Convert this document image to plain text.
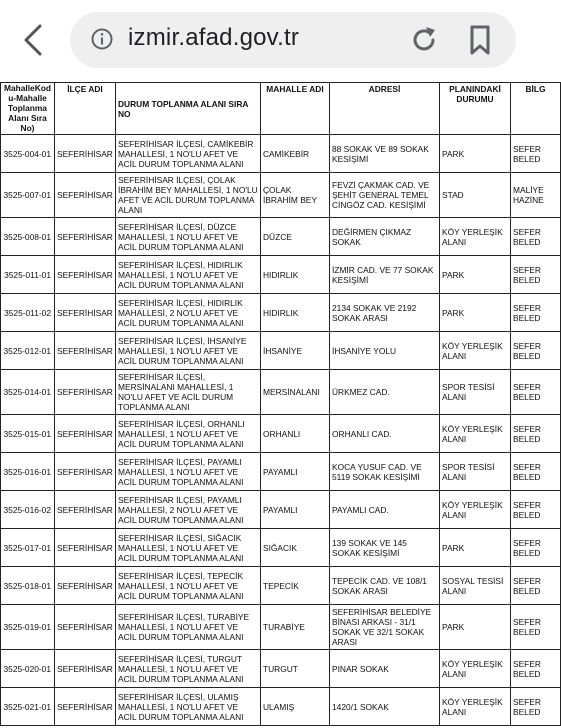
izmir.afad.gov.tr
MahalleKodu-Mahalle Toplanma Alanı Sıra No)	İLÇE ADI	DURUM TOPLANMA ALANI SIRA NO	MAHALLE ADI	ADRESİ	PLANINDAKİ DURUMU	BİLG
3525-004-01	SEFERİHİSAR	SEFERİHİSAR İLÇESİ, CAMİKEBİR MAHALLESİ, 1 NO'LU AFET VE ACİL DURUM TOPLANMA ALANI	CAMİKEBİR	88 SOKAK VE 89 SOKAK KESİŞİMİ	PARK	SEFER BELED
3525-007-01	SEFERİHİSAR	SEFERİHİSAR İLÇESİ, ÇOLAK İBRAHİM BEY MAHALLESİ, 1 NO'LU AFET VE ACİL DURUM TOPLANMA ALANI	ÇOLAK İBRAHİM BEY	FEVZİ ÇAKMAK CAD. VE ŞEHİT GENERAL TEMEL CİNGÖZ CAD. KESİŞİMİ	STAD	MALİYE HAZİNE
3525-008-01	SEFERİHİSAR	SEFERİHİSAR İLÇESİ, DÜZCE MAHALLESİ, 1 NO'LU AFET VE ACİL DURUM TOPLANMA ALANI	DÜZCE	DEĞİRMEN ÇIKMAZ SOKAK	KÖY YERLEŞİK ALANI	SEFER BELED
3525-011-01	SEFERİHİSAR	SEFERİHİSAR İLÇESİ, HIDIRLIK MAHALLESİ, 1 NO'LU AFET VE ACİL DURUM TOPLANMA ALANI	HIDIRLIK	İZMİR CAD. VE 77 SOKAK KESİŞİMİ	PARK	SEFER BELED
3525-011-02	SEFERİHİSAR	SEFERİHİSAR İLÇESİ, HIDIRLIK MAHALLESİ, 2 NO'LU AFET VE ACİL DURUM TOPLANMA ALANI	HIDIRLIK	2134 SOKAK VE 2192 SOKAK ARASI	PARK	SEFER BELED
3525-012-01	SEFERİHİSAR	SEFERİHİSAR İLÇESİ, İHSANİYE MAHALLESİ, 1 NO'LU AFET VE ACİL DURUM TOPLANMA ALANI	İHSANİYE	İHSANİYE YOLU	KÖY YERLEŞİK ALANI	SEFER BELED
3525-014-01	SEFERİHİSAR	SEFERİHİSAR İLÇESİ, MERSİNALANI MAHALLESİ, 1 NO'LU AFET VE ACİL DURUM TOPLANMA ALANI	MERSİNALANI	ÜRKMEZ CAD.	SPOR TESİSİ ALANI	SEFER BELED
3525-015-01	SEFERİHİSAR	SEFERİHİSAR İLÇESİ, ORHANLI MAHALLESİ, 1 NO'LU AFET VE ACİL DURUM TOPLANMA ALANI	ORHANLI	ORHANLI CAD.	KÖY YERLEŞİK ALANI	SEFER BELED
3525-016-01	SEFERİHİSAR	SEFERİHİSAR İLÇESİ, PAYAMLI MAHALLESİ, 1 NO'LU AFET VE ACİL DURUM TOPLANMA ALANI	PAYAMLI	KOCA YUSUF CAD. VE 5119 SOKAK KESİŞİMİ	SPOR TESİSİ ALANI	SEFER BELED
3525-016-02	SEFERİHİSAR	SEFERİHİSAR İLÇESİ, PAYAMLI MAHALLESİ, 2 NO'LU AFET VE ACİL DURUM TOPLANMA ALANI	PAYAMLI	PAYAMLI CAD.	KÖY YERLEŞİK ALANI	SEFER BELED
3525-017-01	SEFERİHİSAR	SEFERİHİSAR İLÇESİ, SIĞACIK MAHALLESİ, 1 NO'LU AFET VE ACİL DURUM TOPLANMA ALANI	SIĞACIK	139 SOKAK VE 145 SOKAK KESİŞİMİ	PARK	SEFER BELED
3525-018-01	SEFERİHİSAR	SEFERİHİSAR İLÇESİ, TEPECİK MAHALLESİ, 1 NO'LU AFET VE ACİL DURUM TOPLANMA ALANI	TEPECİK	TEPECİK CAD. VE 108/1 SOKAK ARASI	SOSYAL TESİSİ ALANI	SEFER BELED
3525-019-01	SEFERİHİSAR	SEFERİHİSAR İLÇESİ, TURABİYE MAHALLESİ, 1 NO'LU AFET VE ACİL DURUM TOPLANMA ALANI	TURABİYE	SEFERİHİSAR BELEDİYE BİNASI ARKASI - 31/1 SOKAK VE 32/1 SOKAK ARASI	PARK	SEFER BELED
3525-020-01	SEFERİHİSAR	SEFERİHİSAR İLÇESİ, TURGUT MAHALLESİ, 1 NO'LU AFET VE ACİL DURUM TOPLANMA ALANI	TURGUT	PINAR SOKAK	KÖY YERLEŞİK ALANI	SEFER BELED
3525-021-01	SEFERİHİSAR	SEFERİHİSAR İLÇESİ, ULAMIŞ MAHALLESİ, 1 NO'LU AFET VE ACİL DURUM TOPLANMA ALANI	ULAMIŞ	1420/1 SOKAK	KÖY YERLEŞİK ALANI	SEFER BELED
